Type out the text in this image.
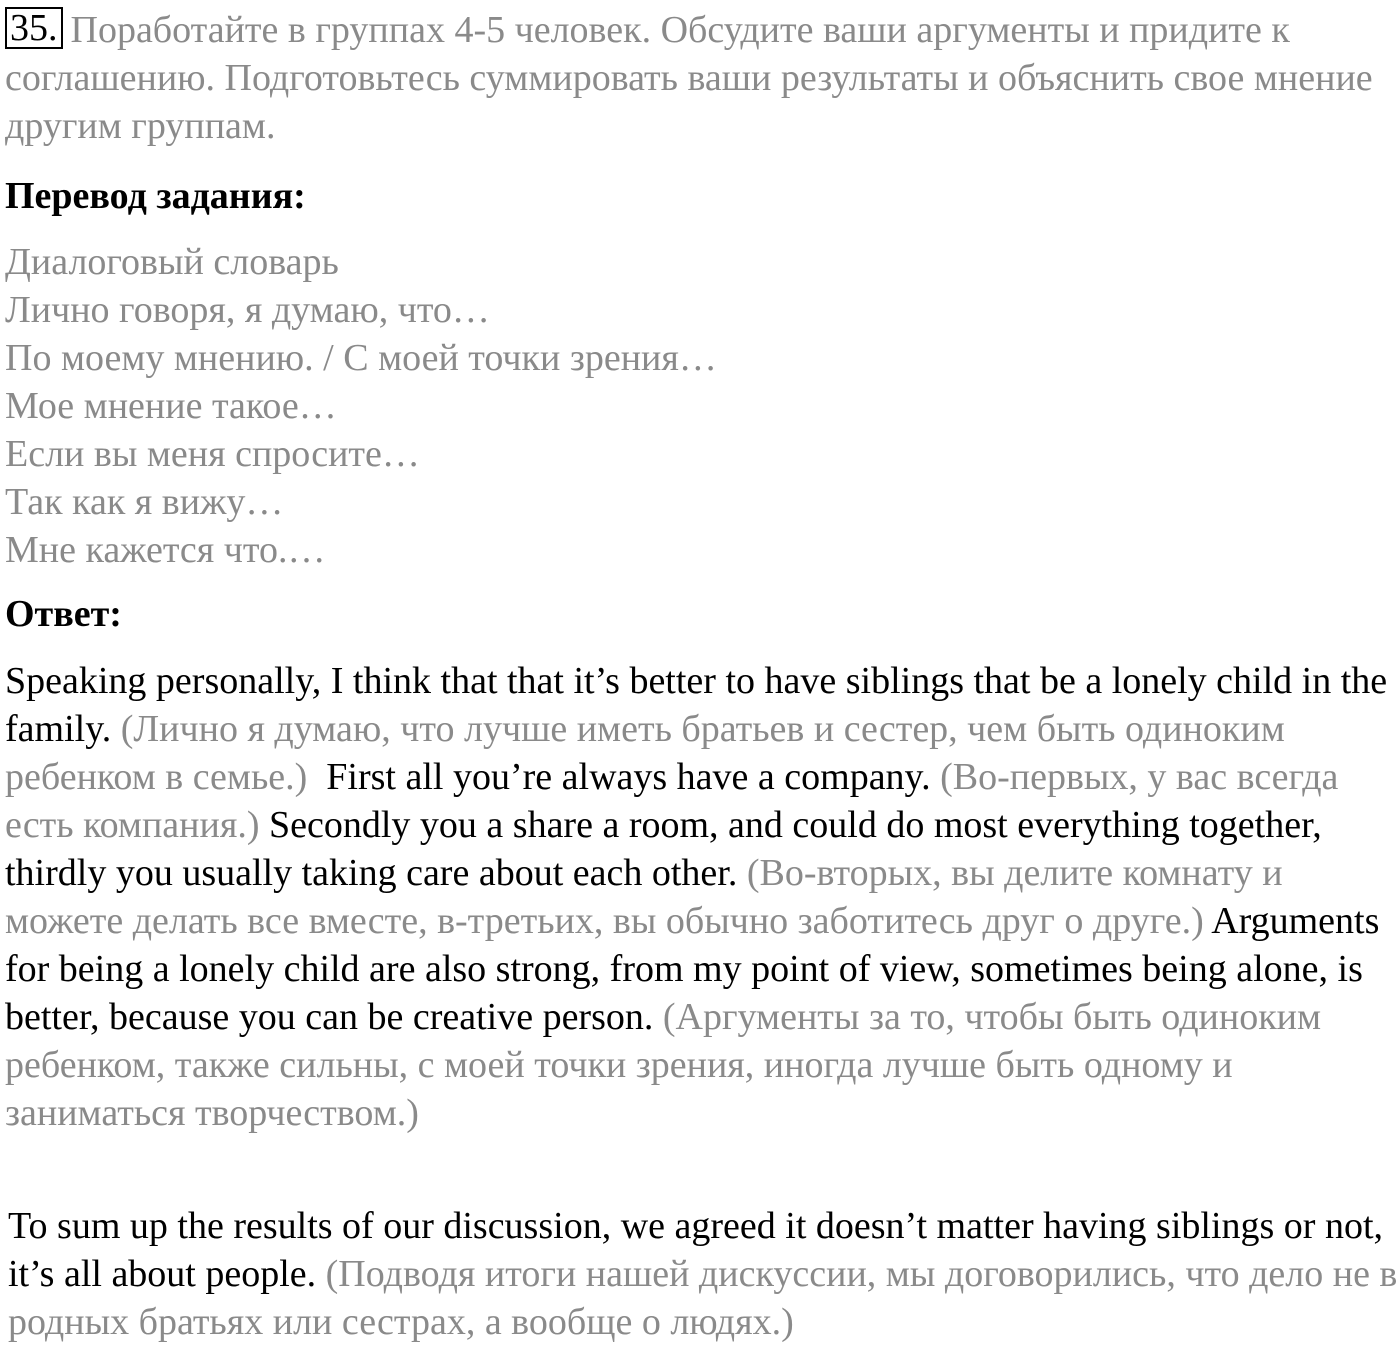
35. Поработайте в группах 4-5 человек. Обсудите ваши аргументы и придите к соглашению. Подготовьтесь суммировать ваши результаты и объяснить свое мнение другим группам.

Перевод задания:

Диалоговый словарь
Лично говоря, я думаю, что…
По моему мнению. / С моей точки зрения…
Мое мнение такое…
Если вы меня спросите…
Так как я вижу…
Мне кажется что.…

Ответ:

Speaking personally, I think that that it’s better to have siblings that be a lonely child in the family. (Лично я думаю, что лучше иметь братьев и сестер, чем быть одиноким ребенком в семье.) First all you’re always have a company. (Во-первых, у вас всегда есть компания.) Secondly you a share a room, and could do most everything together, thirdly you usually taking care about each other. (Во-вторых, вы делите комнату и можете делать все вместе, в-третьих, вы обычно заботитесь друг о друге.) Arguments for being a lonely child are also strong, from my point of view, sometimes being alone, is better, because you can be creative person. (Аргументы за то, чтобы быть одиноким ребенком, также сильны, с моей точки зрения, иногда лучше быть одному и заниматься творчеством.)

To sum up the results of our discussion, we agreed it doesn’t matter having siblings or not, it’s all about people. (Подводя итоги нашей дискуссии, мы договорились, что дело не в родных братьях или сестрах, а вообще о людях.)
